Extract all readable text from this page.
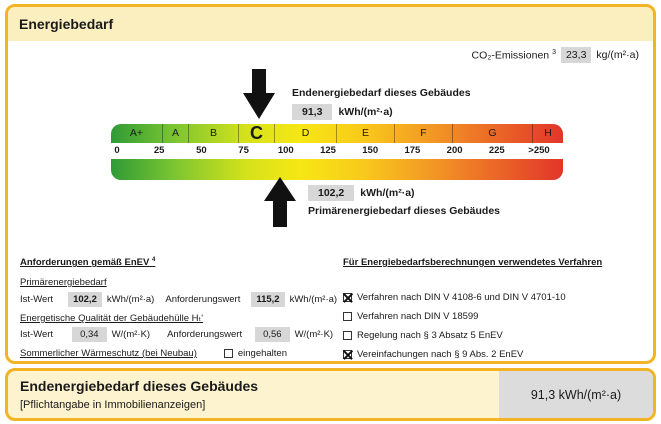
Energiebedarf
CO₂-Emissionen $^3$ 23,3 kg/(m²·a)
Endenergiebedarf dieses Gebäudes
91,3	kWh/(m²·a)
A+	A	B	C	D	E	F	G	H
0	25	50	75	100	125	150	175	200	225 >250
102,2	kWh/(m²·a)
Primärenergiebedarf dieses Gebäudes
Anforderungen gemäß EnEV $^4$
Primärenergiebedarf
Ist-Wert	102,2	kWh/(m²·a) Anforderungswert	115,2	kWh/(m²·a)
Energetische Qualität der Gebäudehülle Hₜ'
Ist-Wert	0,34	W/(m²·K) Anforderungswert	0,56	W/(m²·K)
Sommerlicher Wärmeschutz (bei Neubau)	eingehalten
Für Energiebedarfsberechnungen verwendetes Verfahren
Verfahren nach DIN V 4108-6 und DIN V 4701-10
Verfahren nach DIN V 18599
Regelung nach § 3 Absatz 5 EnEV
Vereinfachungen nach § 9 Abs. 2 EnEV
Endenergiebedarf dieses Gebäudes
[Pflichtangabe in Immobilienanzeigen]
91,3 kWh/(m²·a)
